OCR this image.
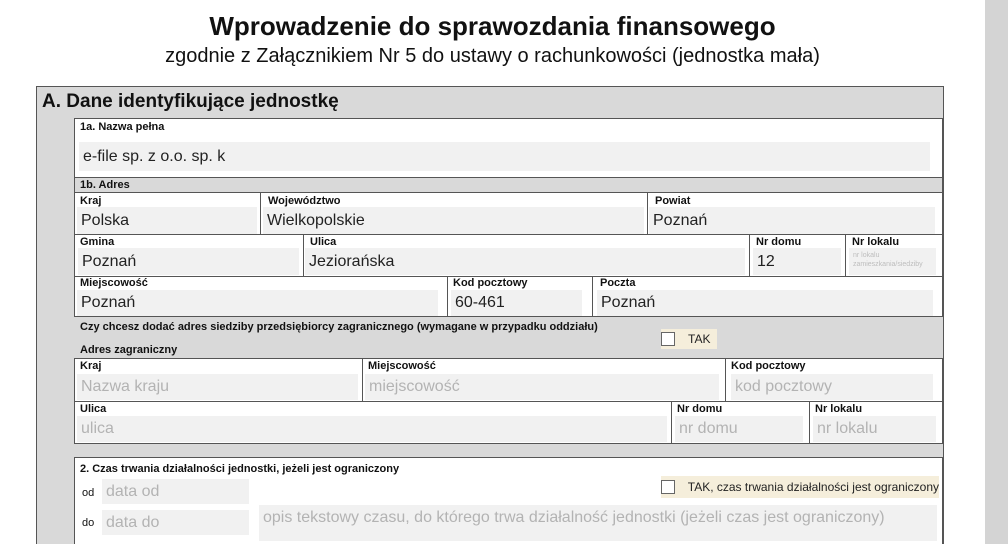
Wprowadzenie do sprawozdania finansowego
zgodnie z Załącznikiem Nr 5 do ustawy o rachunkowości (jednostka mała)
A. Dane identyfikujące jednostkę
1a. Nazwa pełna
e-file sp. z o.o. sp. k
1b. Adres
Kraj
Polska
Województwo
Wielkopolskie
Powiat
Poznań
Gmina
Poznań
Ulica
Jeziorańska
Nr domu
12
Nr lokalu
nr lokalu zamieszkania/siedziby
Miejscowość
Poznań
Kod pocztowy
60-461
Poczta
Poznań
Czy chcesz dodać adres siedziby przedsiębiorcy zagranicznego (wymagane w przypadku oddziału)
TAK
Adres zagraniczny
Kraj
Nazwa kraju
Miejscowość
miejscowość
Kod pocztowy
kod pocztowy
Ulica
ulica
Nr domu
nr domu
Nr lokalu
nr lokalu
2. Czas trwania działalności jednostki, jeżeli jest ograniczony
od data od
do data do
TAK, czas trwania działalności jest ograniczony
opis tekstowy czasu, do którego trwa działalność jednostki (jeżeli czas jest ograniczony)
